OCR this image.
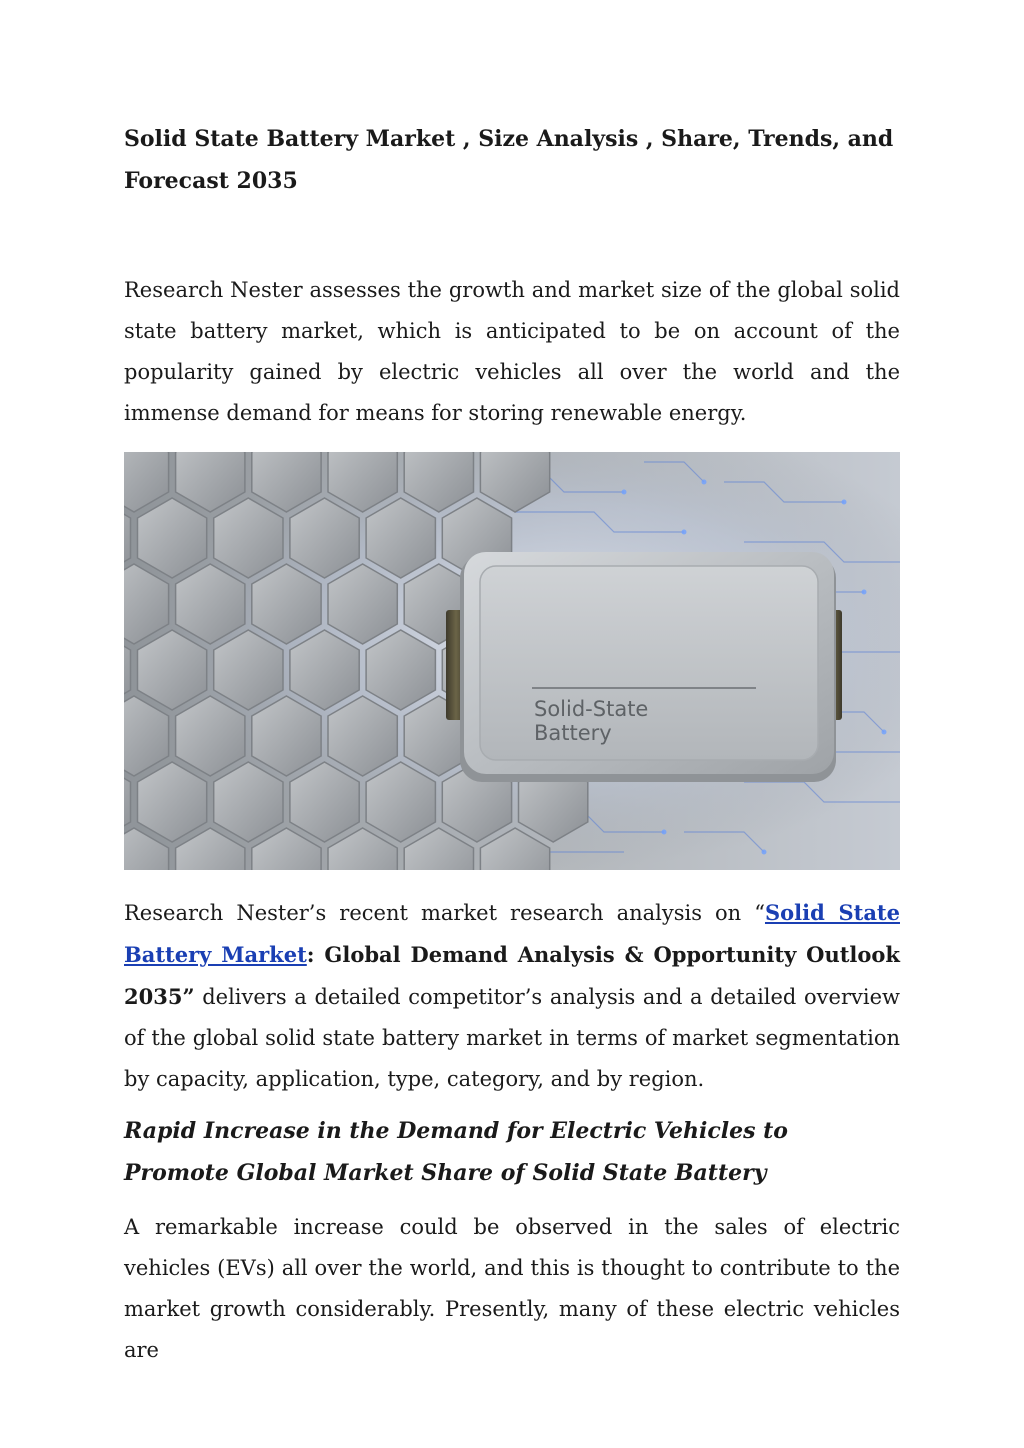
Solid State Battery Market , Size Analysis , Share, Trends, and Forecast 2035

Research Nester assesses the growth and market size of the global solid state battery market, which is anticipated to be on account of the popularity gained by electric vehicles all over the world and the immense demand for means for storing renewable energy.

Research Nester’s recent market research analysis on “Solid State Battery Market: Global Demand Analysis & Opportunity Outlook 2035” delivers a detailed competitor’s analysis and a detailed overview of the global solid state battery market in terms of market segmentation by capacity, application, type, category, and by region.

Rapid Increase in the Demand for Electric Vehicles to Promote Global Market Share of Solid State Battery

A remarkable increase could be observed in the sales of electric vehicles (EVs) all over the world, and this is thought to contribute to the market growth considerably. Presently, many of these electric vehicles are

Solid-State
Battery
